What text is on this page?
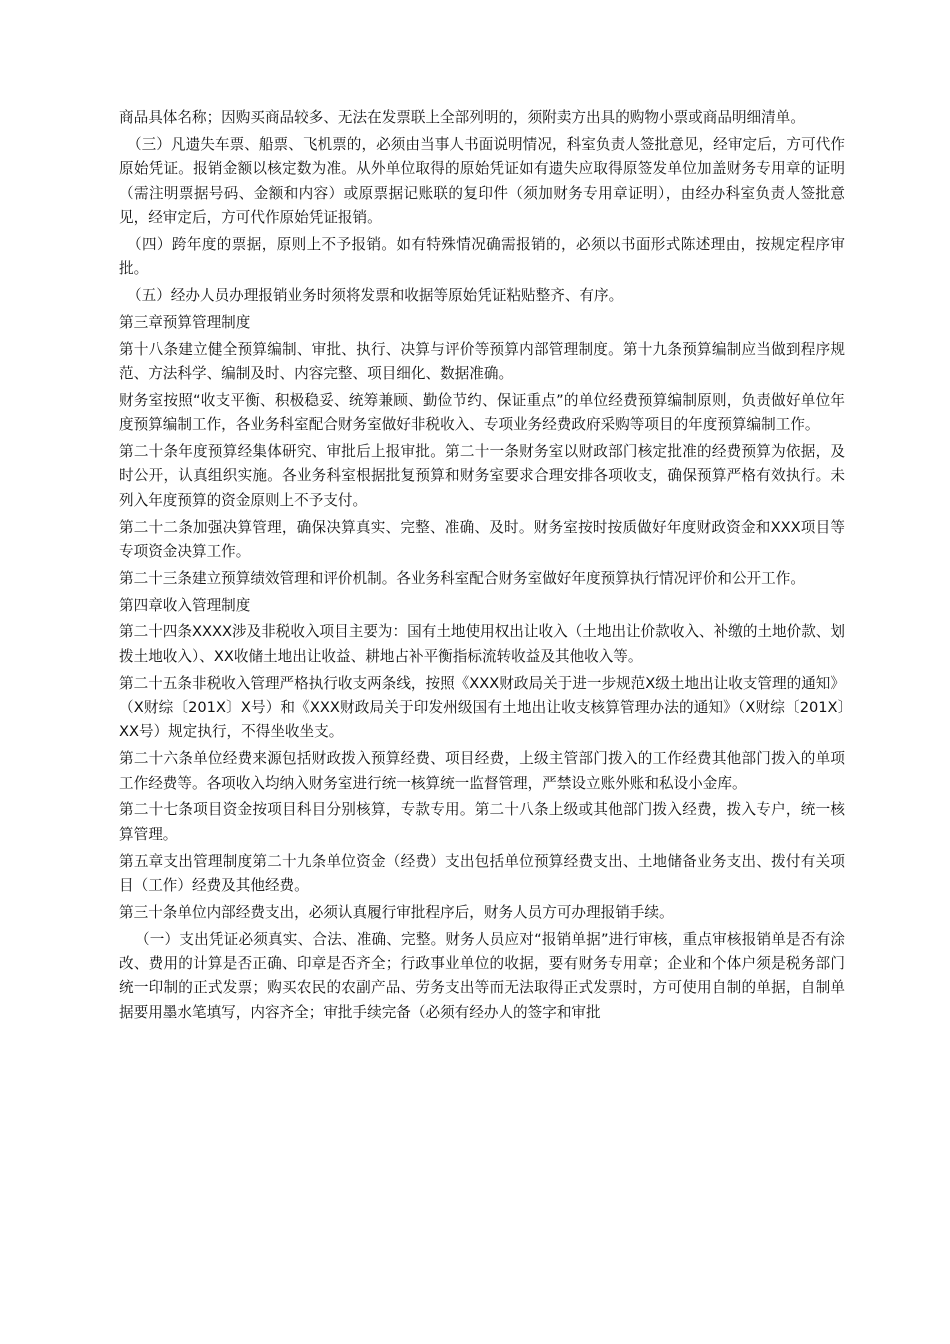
商品具体名称；因购买商品较多、无法在发票联上全部列明的，须附卖方出具的购物小票或商品明细清单。

（三）凡遗失车票、船票、飞机票的，必须由当事人书面说明情况，科室负责人签批意见，经审定后，方可代作原始凭证。报销金额以核定数为准。从外单位取得的原始凭证如有遗失应取得原签发单位加盖财务专用章的证明（需注明票据号码、金额和内容）或原票据记账联的复印件（须加财务专用章证明），由经办科室负责人签批意见，经审定后，方可代作原始凭证报销。

（四）跨年度的票据，原则上不予报销。如有特殊情况确需报销的，必须以书面形式陈述理由，按规定程序审批。

（五）经办人员办理报销业务时须将发票和收据等原始凭证粘贴整齐、有序。

第三章预算管理制度

第十八条建立健全预算编制、审批、执行、决算与评价等预算内部管理制度。第十九条预算编制应当做到程序规范、方法科学、编制及时、内容完整、项目细化、数据准确。

财务室按照“收支平衡、积极稳妥、统筹兼顾、勤俭节约、保证重点”的单位经费预算编制原则，负责做好单位年度预算编制工作，各业务科室配合财务室做好非税收入、专项业务经费政府采购等项目的年度预算编制工作。

第二十条年度预算经集体研究、审批后上报审批。第二十一条财务室以财政部门核定批准的经费预算为依据，及时公开，认真组织实施。各业务科室根据批复预算和财务室要求合理安排各项收支，确保预算严格有效执行。未列入年度预算的资金原则上不予支付。

第二十二条加强决算管理，确保决算真实、完整、准确、及时。财务室按时按质做好年度财政资金和XXX项目等专项资金决算工作。

第二十三条建立预算绩效管理和评价机制。各业务科室配合财务室做好年度预算执行情况评价和公开工作。

第四章收入管理制度

第二十四条XXXX涉及非税收入项目主要为：国有土地使用权出让收入（土地出让价款收入、补缴的土地价款、划拨土地收入）、XX收储土地出让收益、耕地占补平衡指标流转收益及其他收入等。

第二十五条非税收入管理严格执行收支两条线，按照《XXX财政局关于进一步规范X级土地出让收支管理的通知》（X财综〔201X〕X号）和《XXX财政局关于印发州级国有土地出让收支核算管理办法的通知》（X财综〔201X〕XX号）规定执行，不得坐收坐支。

第二十六条单位经费来源包括财政拨入预算经费、项目经费，上级主管部门拨入的工作经费其他部门拨入的单项工作经费等。各项收入均纳入财务室进行统一核算统一监督管理，严禁设立账外账和私设小金库。

第二十七条项目资金按项目科目分别核算，专款专用。第二十八条上级或其他部门拨入经费，拨入专户，统一核算管理。

第五章支出管理制度第二十九条单位资金（经费）支出包括单位预算经费支出、土地储备业务支出、拨付有关项目（工作）经费及其他经费。

第三十条单位内部经费支出，必须认真履行审批程序后，财务人员方可办理报销手续。

（一）支出凭证必须真实、合法、准确、完整。财务人员应对“报销单据”进行审核，重点审核报销单是否有涂改、费用的计算是否正确、印章是否齐全；行政事业单位的收据，要有财务专用章；企业和个体户须是税务部门统一印制的正式发票；购买农民的农副产品、劳务支出等而无法取得正式发票时，方可使用自制的单据，自制单据要用墨水笔填写，内容齐全；审批手续完备（必须有经办人的签字和审批
